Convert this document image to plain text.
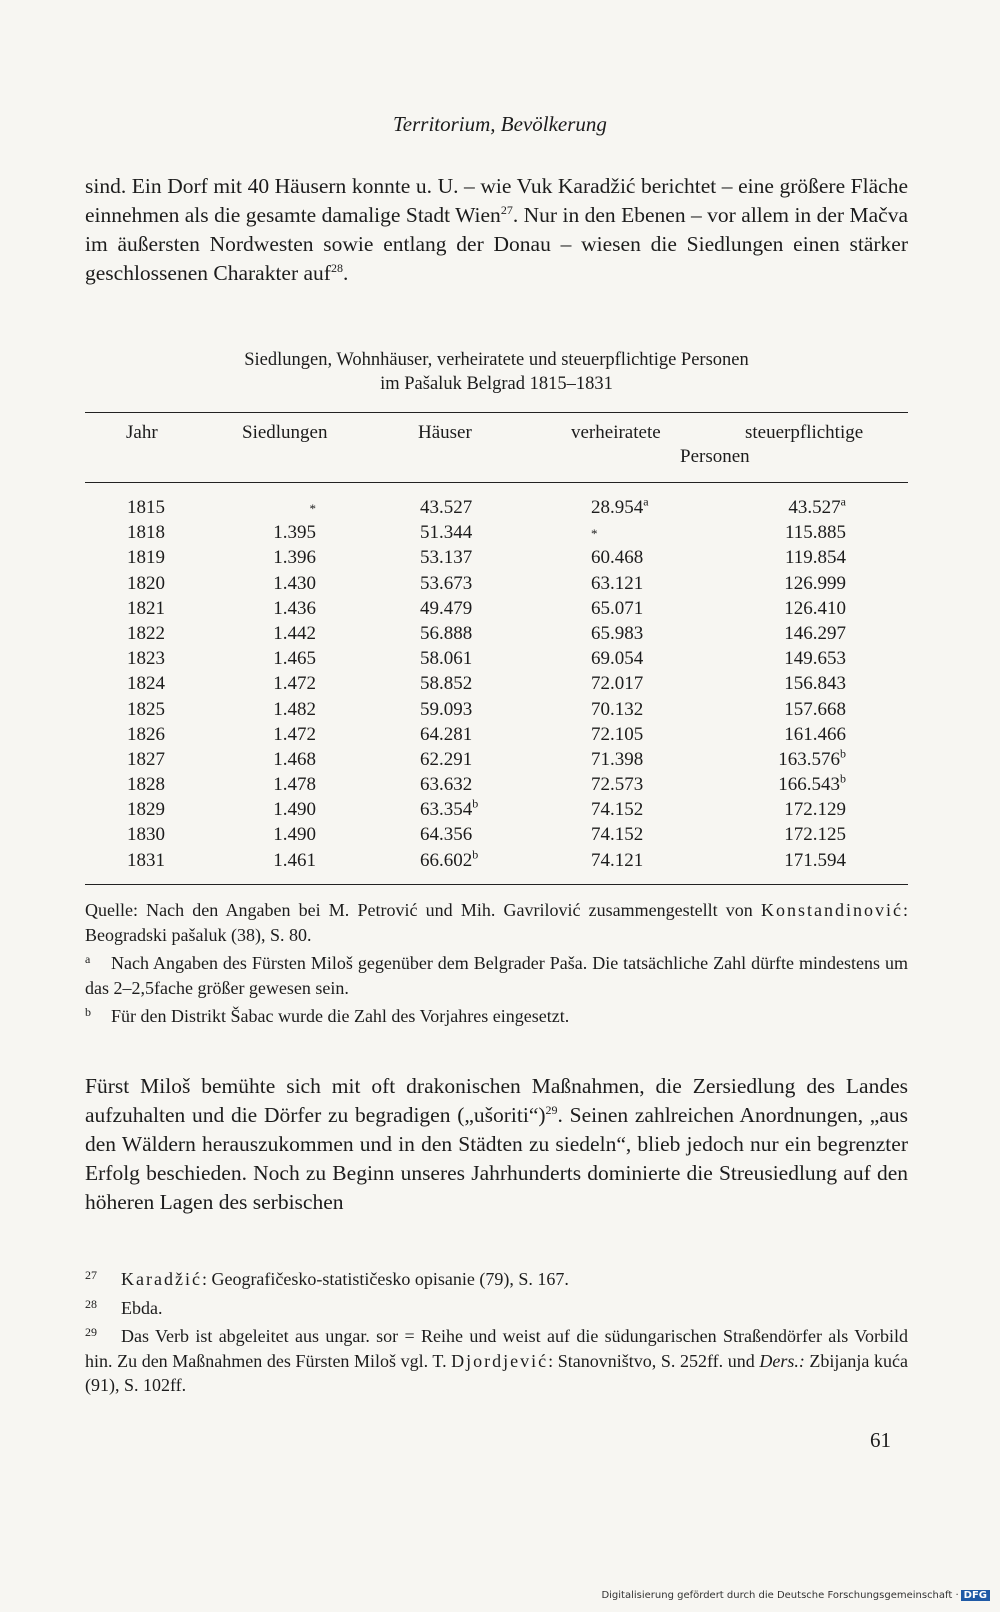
Territorium, Bevölkerung

sind. Ein Dorf mit 40 Häusern konnte u. U. – wie Vuk Karadžić berichtet – eine größere Fläche einnehmen als die gesamte damalige Stadt Wien$^{27}$. Nur in den Ebenen – vor allem in der Mačva im äußersten Nordwesten sowie entlang der Donau – wiesen die Siedlungen einen stärker geschlossenen Charakter auf$^{28}$.

Siedlungen, Wohnhäuser, verheiratete und steuerpflichtige Personen
im Pašaluk Belgrad 1815–1831
Jahr	Siedlungen	Häuser	verheiratete	steuerpflichtige
Personen
1815	*	43.527	28.954$^a$	43.527$^a$
1818	1.395	51.344	*	115.885
1819	1.396	53.137	60.468	119.854
1820	1.430	53.673	63.121	126.999
1821	1.436	49.479	65.071	126.410
1822	1.442	56.888	65.983	146.297
1823	1.465	58.061	69.054	149.653
1824	1.472	58.852	72.017	156.843
1825	1.482	59.093	70.132	157.668
1826	1.472	64.281	72.105	161.466
1827	1.468	62.291	71.398	163.576$^b$
1828	1.478	63.632	72.573	166.543$^b$
1829	1.490	63.354$^b$	74.152	172.129
1830	1.490	64.356	74.152	172.125
1831	1.461	66.602$^b$	74.121	171.594

Quelle: Nach den Angaben bei M. Petrović und Mih. Gavrilović zusammengestellt von Konstandinović: Beogradski pašaluk (38), S. 80.

a Nach Angaben des Fürsten Miloš gegenüber dem Belgrader Paša. Die tatsächliche Zahl dürfte mindestens um das 2–2,5fache größer gewesen sein.

b Für den Distrikt Šabac wurde die Zahl des Vorjahres eingesetzt.

Fürst Miloš bemühte sich mit oft drakonischen Maßnahmen, die Zersiedlung des Landes aufzuhalten und die Dörfer zu begradigen („ušoriti“)$^{29}$. Seinen zahlreichen Anordnungen, „aus den Wäldern herauszukommen und in den Städten zu siedeln“, blieb jedoch nur ein begrenzter Erfolg beschieden. Noch zu Beginn unseres Jahrhunderts dominierte die Streusiedlung auf den höheren Lagen des serbischen

27 Karadžić: Geografičesko-statističesko opisanie (79), S. 167.

28 Ebda.

29 Das Verb ist abgeleitet aus ungar. sor = Reihe und weist auf die südungarischen Straßendörfer als Vorbild hin. Zu den Maßnahmen des Fürsten Miloš vgl. T. Djordjević: Stanovništvo, S. 252ff. und Ders.: Zbijanja kuća (91), S. 102ff.

61
Digitalisierung gefördert durch die Deutsche Forschungsgemeinschaft · DFG
